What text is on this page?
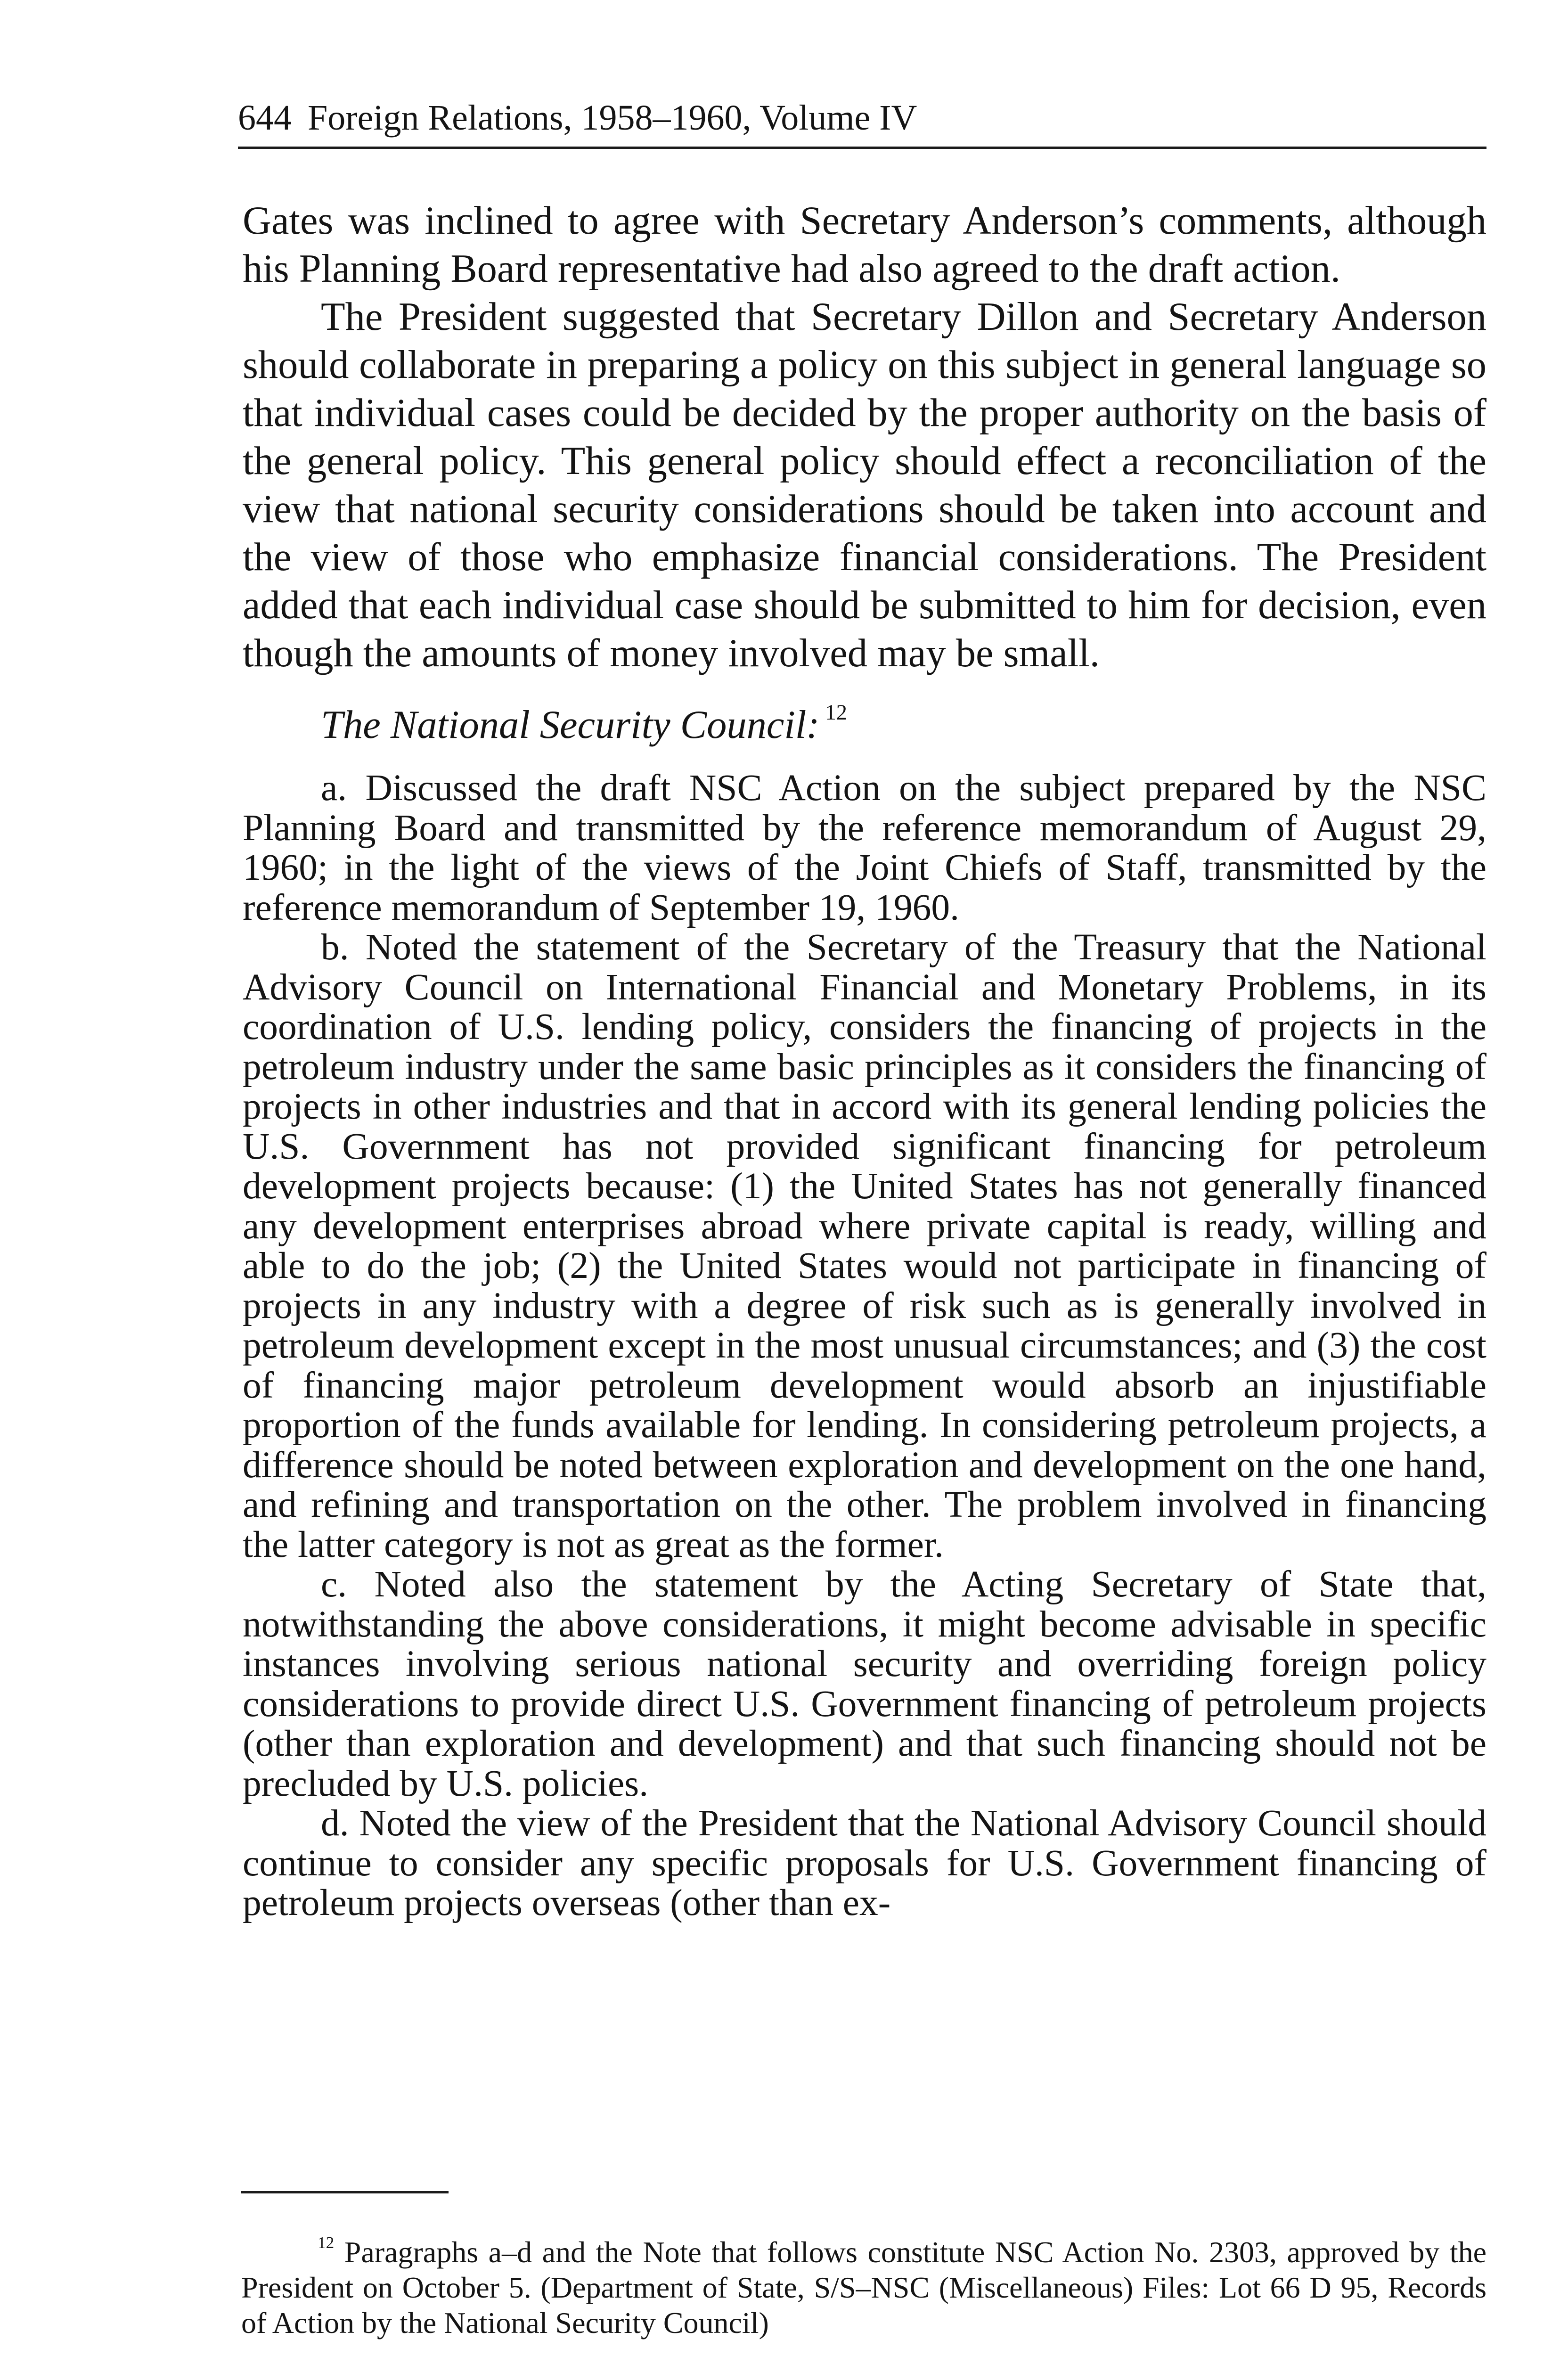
644 Foreign Relations, 1958–1960, Volume IV

Gates was inclined to agree with Secretary Anderson’s comments, although his Planning Board representative had also agreed to the draft action.

The President suggested that Secretary Dillon and Secretary Anderson should collaborate in preparing a policy on this subject in general language so that individual cases could be decided by the proper authority on the basis of the general policy. This general policy should effect a reconciliation of the view that national security considerations should be taken into account and the view of those who emphasize financial considerations. The President added that each individual case should be submitted to him for decision, even though the amounts of money involved may be small.

The National Security Council: $^{12}$

a. Discussed the draft NSC Action on the subject prepared by the NSC Planning Board and transmitted by the reference memorandum of August 29, 1960; in the light of the views of the Joint Chiefs of Staff, transmitted by the reference memorandum of September 19, 1960.

b. Noted the statement of the Secretary of the Treasury that the National Advisory Council on International Financial and Monetary Problems, in its coordination of U.S. lending policy, considers the financing of projects in the petroleum industry under the same basic principles as it considers the financing of projects in other industries and that in accord with its general lending policies the U.S. Government has not provided significant financing for petroleum development projects because: (1) the United States has not generally financed any development enterprises abroad where private capital is ready, willing and able to do the job; (2) the United States would not participate in financing of projects in any industry with a degree of risk such as is generally involved in petroleum development except in the most unusual circumstances; and (3) the cost of financing major petroleum development would absorb an injustifiable proportion of the funds available for lending. In considering petroleum projects, a difference should be noted between exploration and development on the one hand, and refining and transportation on the other. The problem involved in financing the latter category is not as great as the former.

c. Noted also the statement by the Acting Secretary of State that, notwithstanding the above considerations, it might become advisable in specific instances involving serious national security and overriding foreign policy considerations to provide direct U.S. Government financing of petroleum projects (other than exploration and development) and that such financing should not be precluded by U.S. policies.

d. Noted the view of the President that the National Advisory Council should continue to consider any specific proposals for U.S. Government financing of petroleum projects overseas (other than ex-

$^{12}$ Paragraphs a–d and the Note that follows constitute NSC Action No. 2303, approved by the President on October 5. (Department of State, S/S–NSC (Miscellaneous) Files: Lot 66 D 95, Records of Action by the National Security Council)
